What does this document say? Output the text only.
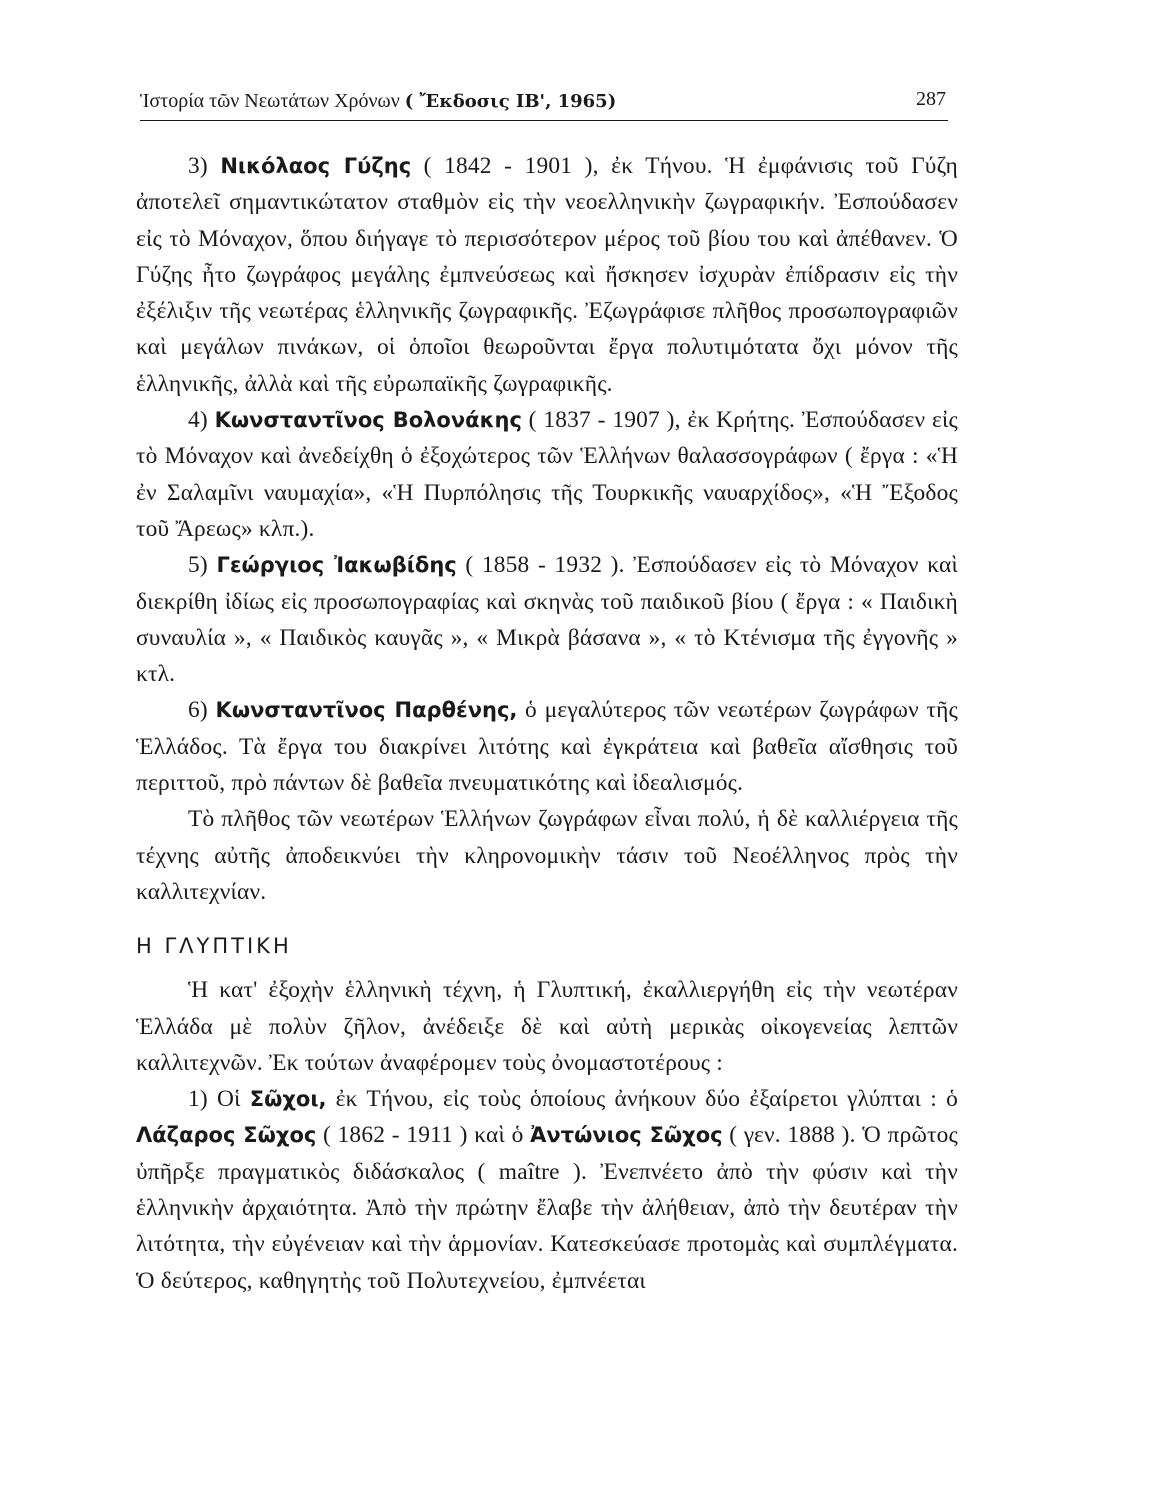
Ἱστορία τῶν Νεωτάτων Χρόνων ( Ἔκδοσις ΙΒ', 1965)	287

3) Νικόλαος Γύζης ( 1842 - 1901 ), ἐκ Τήνου. Ἡ ἐμφάνισις τοῦ Γύζη ἀποτελεῖ σημαντικώτατον σταθμὸν εἰς τὴν νεοελληνικὴν ζωγραφικήν. Ἐσπούδασεν εἰς τὸ Μόναχον, ὅπου διήγαγε τὸ περισσότερον μέρος τοῦ βίου του καὶ ἀπέθανεν. Ὁ Γύζης ἦτο ζωγράφος μεγάλης ἐμπνεύσεως καὶ ἤσκησεν ἰσχυρὰν ἐπίδρασιν εἰς τὴν ἐξέλιξιν τῆς νεωτέρας ἑλληνικῆς ζωγραφικῆς. Ἐζωγράφισε πλῆθος προσωπογραφιῶν καὶ μεγάλων πινάκων, οἱ ὁποῖοι θεωροῦνται ἔργα πολυτιμότατα ὄχι μόνον τῆς ἑλληνικῆς, ἀλλὰ καὶ τῆς εὐρωπαϊκῆς ζωγραφικῆς.

4) Κωνσταντῖνος Βολονάκης ( 1837 - 1907 ), ἐκ Κρήτης. Ἐσπούδασεν εἰς τὸ Μόναχον καὶ ἀνεδείχθη ὁ ἐξοχώτερος τῶν Ἑλλήνων θαλασσογράφων ( ἔργα : «Ἡ ἐν Σαλαμῖνι ναυμαχία», «Ἡ Πυρπόλησις τῆς Τουρκικῆς ναυαρχίδος», «Ἡ Ἔξοδος τοῦ Ἄρεως» κλπ.).

5) Γεώργιος Ἰακωβίδης ( 1858 - 1932 ). Ἐσπούδασεν εἰς τὸ Μόναχον καὶ διεκρίθη ἰδίως εἰς προσωπογραφίας καὶ σκηνὰς τοῦ παιδικοῦ βίου ( ἔργα : « Παιδικὴ συναυλία », « Παιδικὸς καυγᾶς », « Μικρὰ βάσανα », « τὸ Κτένισμα τῆς ἐγγονῆς » κτλ.

6) Κωνσταντῖνος Παρθένης, ὁ μεγαλύτερος τῶν νεωτέρων ζωγράφων τῆς Ἑλλάδος. Τὰ ἔργα του διακρίνει λιτότης καὶ ἐγκράτεια καὶ βαθεῖα αἴσθησις τοῦ περιττοῦ, πρὸ πάντων δὲ βαθεῖα πνευματικότης καὶ ἰδεαλισμός.

Τὸ πλῆθος τῶν νεωτέρων Ἑλλήνων ζωγράφων εἶναι πολύ, ἡ δὲ καλλιέργεια τῆς τέχνης αὐτῆς ἀποδεικνύει τὴν κληρονομικὴν τάσιν τοῦ Νεοέλληνος πρὸς τὴν καλλιτεχνίαν.

Η ΓΛΥΠΤΙΚΗ

Ἡ κατ' ἐξοχὴν ἑλληνικὴ τέχνη, ἡ Γλυπτική, ἐκαλλιεργήθη εἰς τὴν νεωτέραν Ἑλλάδα μὲ πολὺν ζῆλον, ἀνέδειξε δὲ καὶ αὐτὴ μερικὰς οἰκογενείας λεπτῶν καλλιτεχνῶν. Ἐκ τούτων ἀναφέρομεν τοὺς ὀνομαστοτέρους :

1) Οἱ Σῶχοι, ἐκ Τήνου, εἰς τοὺς ὁποίους ἀνήκουν δύο ἐξαίρετοι γλύπται : ὁ Λάζαρος Σῶχος ( 1862 - 1911 ) καὶ ὁ Ἀντώνιος Σῶχος ( γεν. 1888 ). Ὁ πρῶτος ὑπῆρξε πραγματικὸς διδάσκαλος ( maître ). Ἐνεπνέετο ἀπὸ τὴν φύσιν καὶ τὴν ἑλληνικὴν ἀρχαιότητα. Ἀπὸ τὴν πρώτην ἔλαβε τὴν ἀλήθειαν, ἀπὸ τὴν δευτέραν τὴν λιτότητα, τὴν εὐγένειαν καὶ τὴν ἁρμονίαν. Κατεσκεύασε προτομὰς καὶ συμπλέγματα. Ὁ δεύτερος, καθηγητὴς τοῦ Πολυτεχνείου, ἐμπνέεται
